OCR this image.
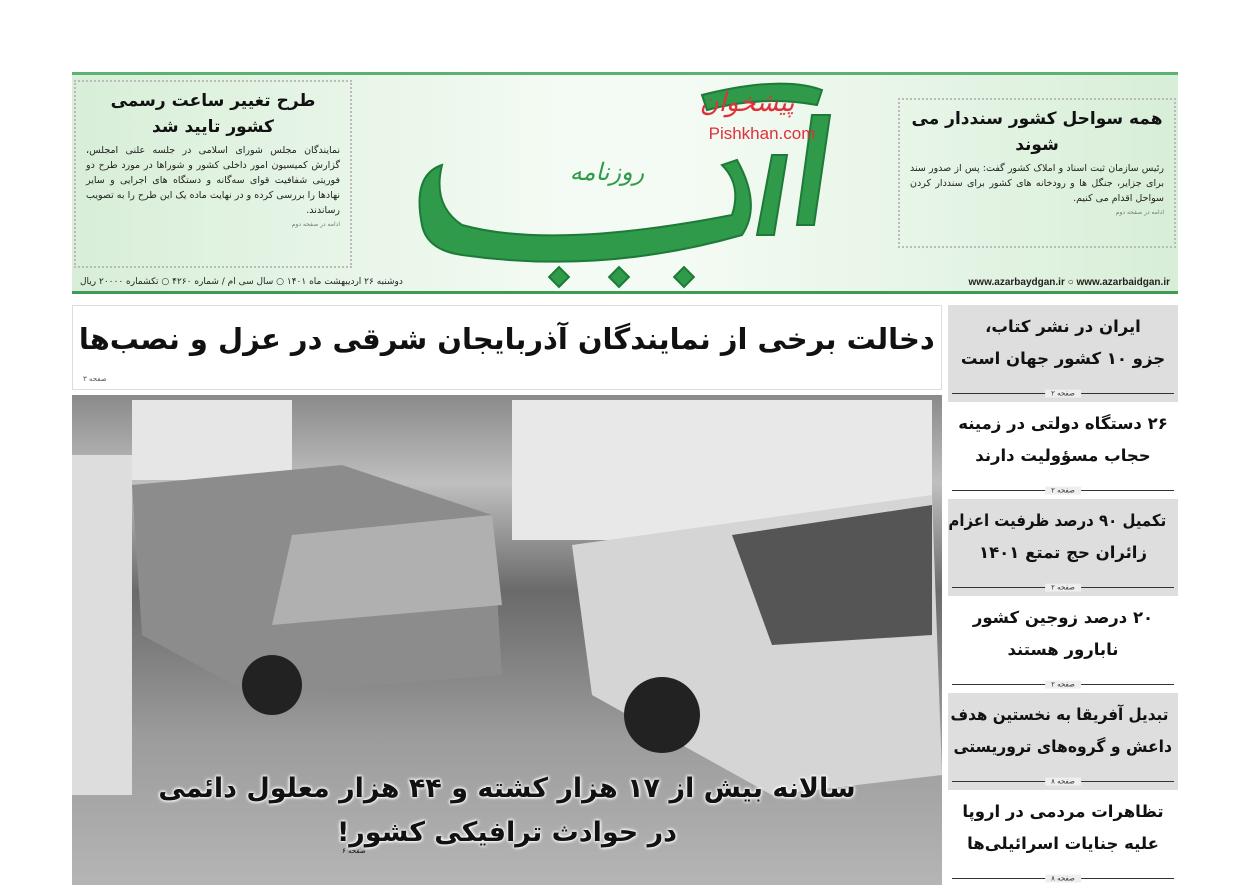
طرح تغییر ساعت رسمی کشور تایید شد

نمایندگان مجلس شورای اسلامی در جلسه علنی امجلس، گزارش کمیسیون امور داخلی کشور و شوراها در مورد طرح دو فوریتی شفافیت قوای سه‌گانه و دستگاه های اجرایی و سایر نهادها را بررسی کرده و در نهایت ماده یک این طرح را به تصویب رساندند.

ادامه در صفحه دوم
روزنامه
پیشخوان
Pishkhan.com
همه سواحل کشور سنددار می شوند

رئیس سازمان ثبت اسناد و املاک کشور گفت: پس از صدور سند برای جزایر، جنگل ها و رودخانه های کشور برای سنددار کردن سواحل اقدام می کنیم.

ادامه در صفحه دوم
دوشنبه ۲۶ اردیبهشت ماه ۱۴۰۱ ○ سال سی ام / شماره ۴۲۶۰ ○ تکشماره ۲۰۰۰۰ ریال	www.azarbaydgan.ir ○ www.azarbaidgan.ir
دخالت برخی از نمایندگان آذربایجان شرقی در عزل و نصب‌ها
صفحه ۳
سالانه بیش از ۱۷ هزار کشته و ۴۴ هزار معلول دائمی
در حوادث ترافیکی کشور!
صفحه ۶
ایران در نشر کتاب،
جزو ۱۰ کشور جهان است
صفحه ۲
۲۶ دستگاه دولتی در زمینه
حجاب مسؤولیت دارند
صفحه ۲
تکمیل ۹۰ درصد ظرفیت اعزام
زائران حج تمتع ۱۴۰۱
صفحه ۲
۲۰ درصد زوجین کشور
نابارور هستند
صفحه ۲
تبدیل آفریقا به نخستین هدف
داعش و گروه‌های تروریستی
صفحه ۸
تظاهرات مردمی در اروپا
علیه جنایات اسرائیلی‌ها
صفحه ۸
